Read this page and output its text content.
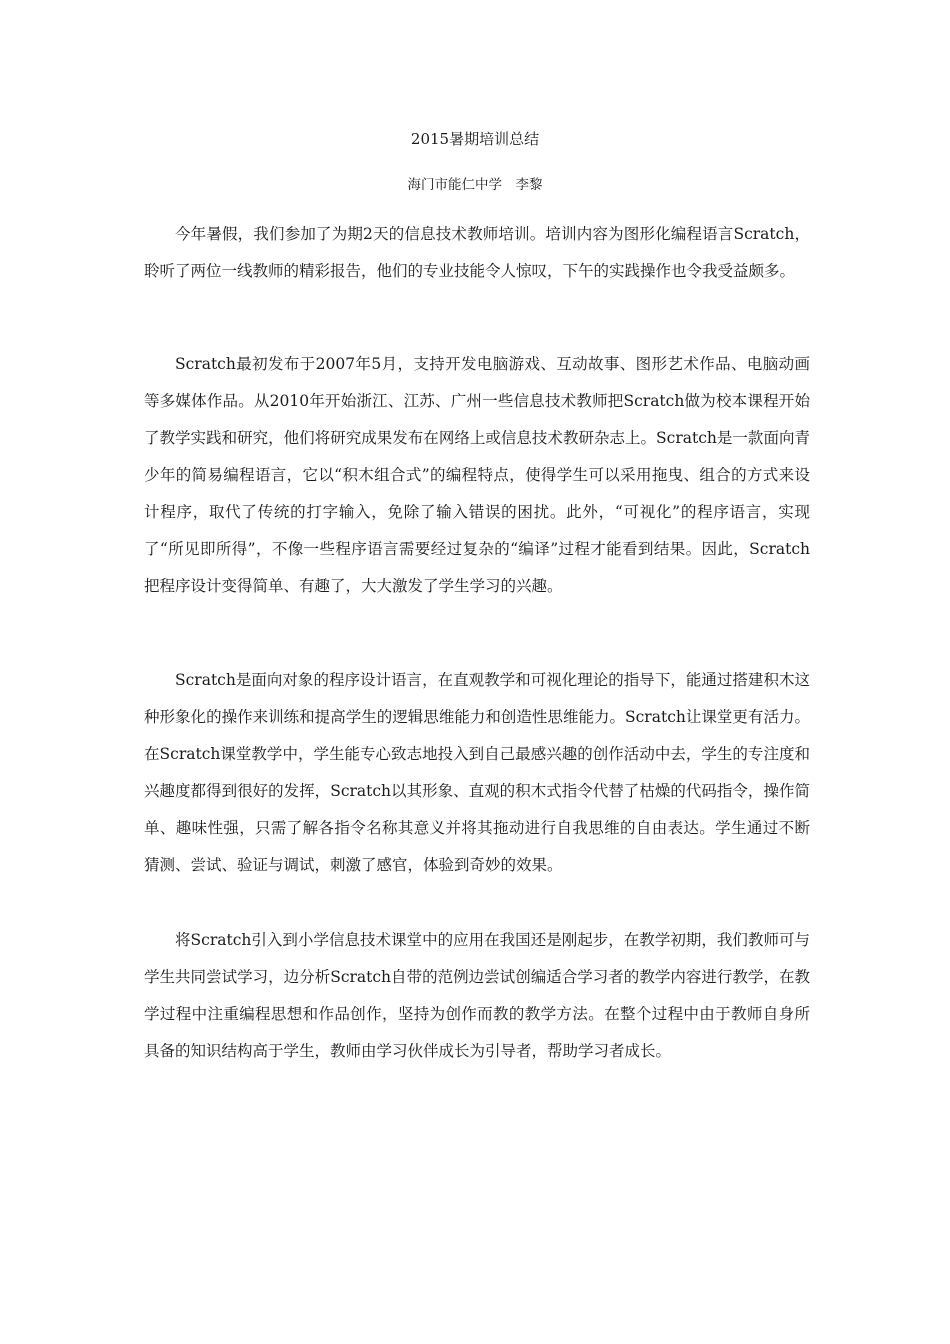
2015暑期培训总结
海门市能仁中学　李黎

今年暑假，我们参加了为期2天的信息技术教师培训。培训内容为图形化编程语言Scratch，聆听了两位一线教师的精彩报告，他们的专业技能令人惊叹，下午的实践操作也令我受益颇多。

Scratch最初发布于2007年5月，支持开发电脑游戏、互动故事、图形艺术作品、电脑动画等多媒体作品。从2010年开始浙江、江苏、广州一些信息技术教师把Scratch做为校本课程开始了教学实践和研究，他们将研究成果发布在网络上或信息技术教研杂志上。Scratch是一款面向青少年的简易编程语言，它以“积木组合式”的编程特点，使得学生可以采用拖曳、组合的方式来设计程序，取代了传统的打字输入，免除了输入错误的困扰。此外，“可视化”的程序语言，实现了“所见即所得”，不像一些程序语言需要经过复杂的“编译”过程才能看到结果。因此，Scratch把程序设计变得简单、有趣了，大大激发了学生学习的兴趣。

Scratch是面向对象的程序设计语言，在直观教学和可视化理论的指导下，能通过搭建积木这种形象化的操作来训练和提高学生的逻辑思维能力和创造性思维能力。Scratch让课堂更有活力。在Scratch课堂教学中，学生能专心致志地投入到自己最感兴趣的创作活动中去，学生的专注度和兴趣度都得到很好的发挥，Scratch以其形象、直观的积木式指令代替了枯燥的代码指令，操作简单、趣味性强，只需了解各指令名称其意义并将其拖动进行自我思维的自由表达。学生通过不断猜测、尝试、验证与调试，刺激了感官，体验到奇妙的效果。

将Scratch引入到小学信息技术课堂中的应用在我国还是刚起步，在教学初期，我们教师可与学生共同尝试学习，边分析Scratch自带的范例边尝试创编适合学习者的教学内容进行教学，在教学过程中注重编程思想和作品创作，坚持为创作而教的教学方法。在整个过程中由于教师自身所具备的知识结构高于学生，教师由学习伙伴成长为引导者，帮助学习者成长。
